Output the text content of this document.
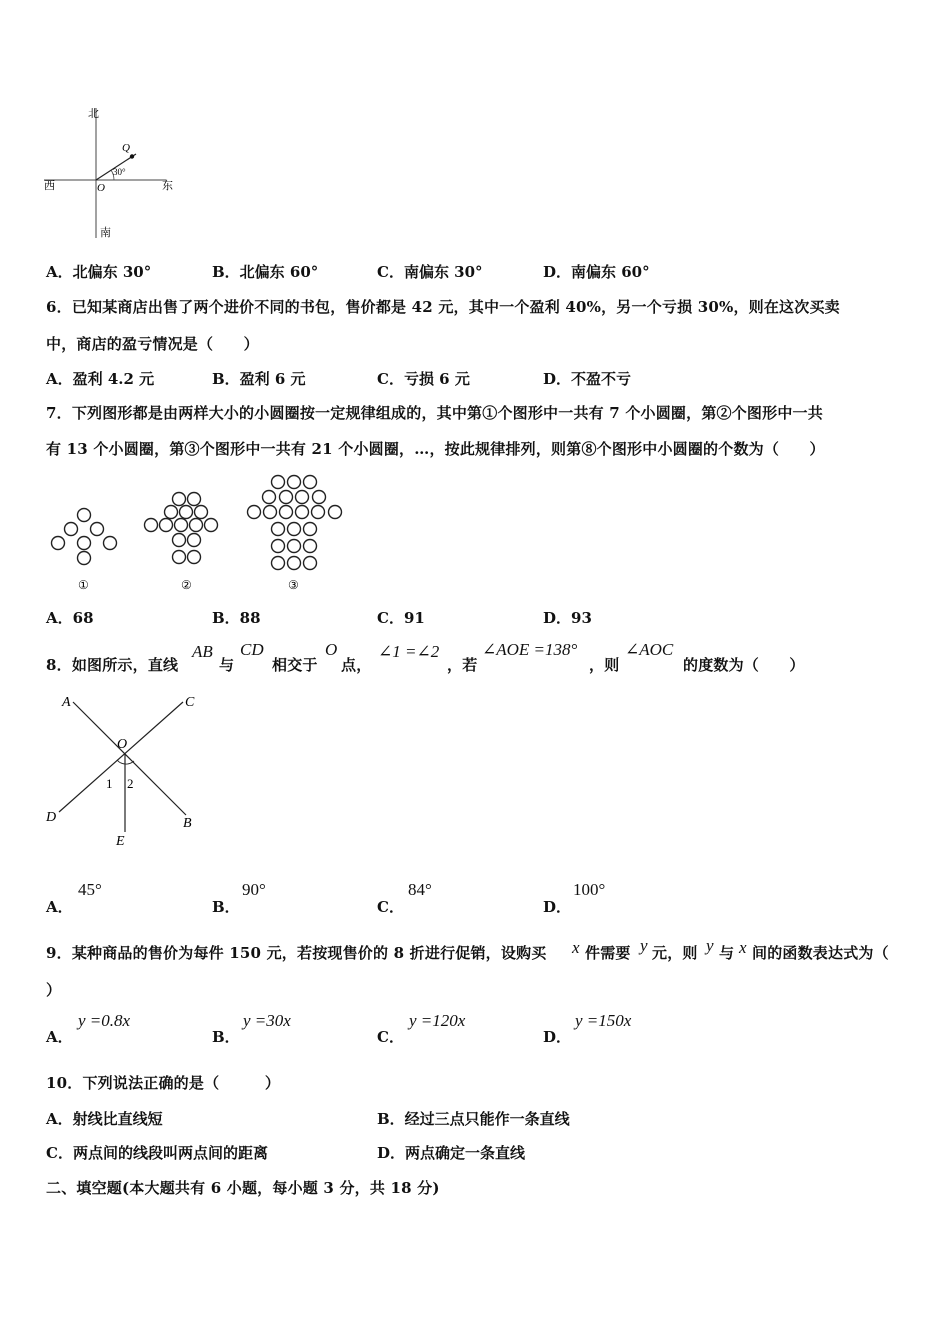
北
南
西	东
O
Q
30°
A．北偏东 30°	B．北偏东 60°	C．南偏东 30°	D．南偏东 60°
6．已知某商店出售了两个进价不同的书包，售价都是 42 元，其中一个盈利 40%，另一个亏损 30%，则在这次买卖
中，商店的盈亏情况是（　　）
A．盈利 4.2 元	B．盈利 6 元	C．亏损 6 元	D．不盈不亏
7．下列图形都是由两样大小的小圆圈按一定规律组成的，其中第①个图形中一共有 7 个小圆圈，第②个图形中一共
有 13 个小圆圈，第③个图形中一共有 21 个小圆圈，…，按此规律排列，则第⑧个图形中小圆圈的个数为（　　）
①	②	③
A．68	B．88	C．91	D．93
8．如图所示，直线
AB
与
CD
相交于
O
点，
∠1 =∠2
，若
∠AOE =138°
，则
∠AOC
的度数为（　　）
A	C
O
1 2
D	B
E
A．
45°
B．
90°
C．
84°
D．
100°
9．某种商品的售价为每件 150 元，若按现售价的 8 折进行促销，设购买 x 件需要 y 元，则 y 与 x 间的函数表达式为（
）
A．
y =0.8x
B．
y =30x
C．
y =120x
D．
y =150x
10．下列说法正确的是（　　　）
A．射线比直线短	B．经过三点只能作一条直线
C．两点间的线段叫两点间的距离	D．两点确定一条直线
二、填空题(本大题共有 6 小题，每小题 3 分，共 18 分)
